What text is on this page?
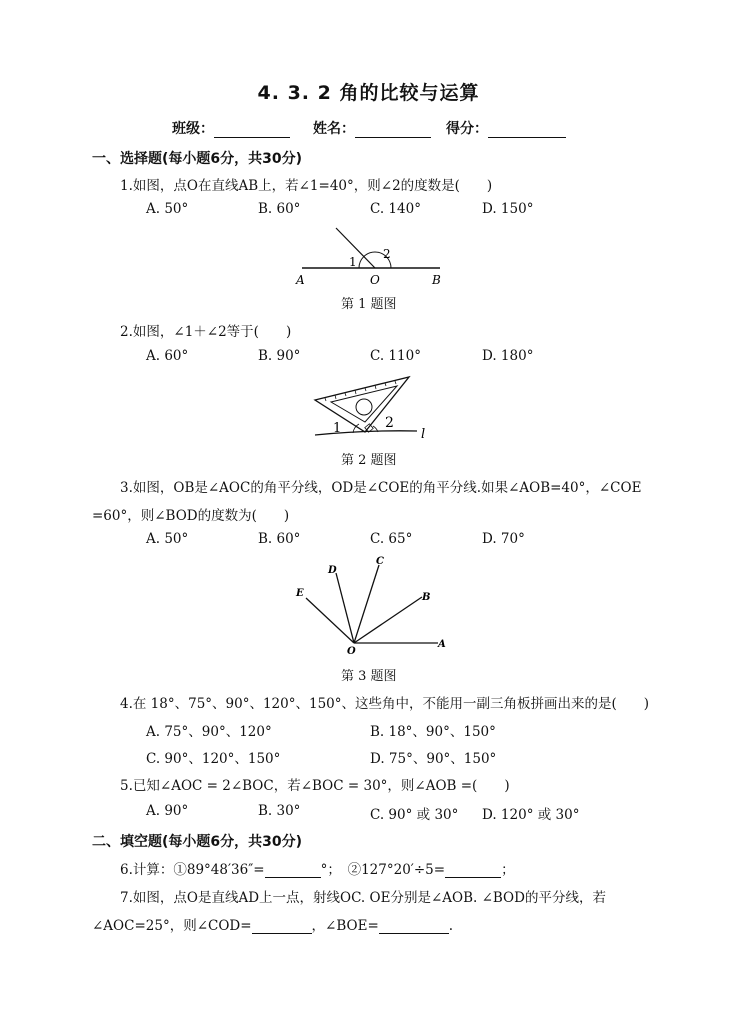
4. 3. 2 角的比较与运算
班级：	姓名：	得分：
一、选择题(每小题6分，共30分)
1.如图，点O在直线AB上，若∠1=40°，则∠2的度数是(　　)
A. 50°	B. 60°	C. 140°	D. 150°
A	O	B
1
2
第 1 题图
2.如图，∠1＋∠2等于(　　)
A. 60°	B. 90°	C. 110°	D. 180°
1	2
l
第 2 题图
3.如图，OB是∠AOC的角平分线，OD是∠COE的角平分线.如果∠AOB=40°，∠COE
=60°，则∠BOD的度数为(　　)
A. 50°	B. 60°	C. 65°	D. 70°
D
C
E	B
O
A
第 3 题图
4.在 18°、75°、90°、120°、150°、这些角中，不能用一副三角板拼画出来的是(　　)
A. 75°、90°、120°	B. 18°、90°、150°
C. 90°、120°、150°	D. 75°、90°、150°
5.已知∠AOC = 2∠BOC，若∠BOC = 30°，则∠AOB =(　　)
A. 90°	B. 30°	C. 90° 或 30° D. 120° 或 30°
二、填空题(每小题6分，共30分)
6.计算：①89°48′36″=	°；　②127°20′÷5=	；
7.如图，点O是直线AD上一点，射线OC. OE分别是∠AOB. ∠BOD的平分线，若
∠AOC=25°，则∠COD=	，∠BOE=	.
